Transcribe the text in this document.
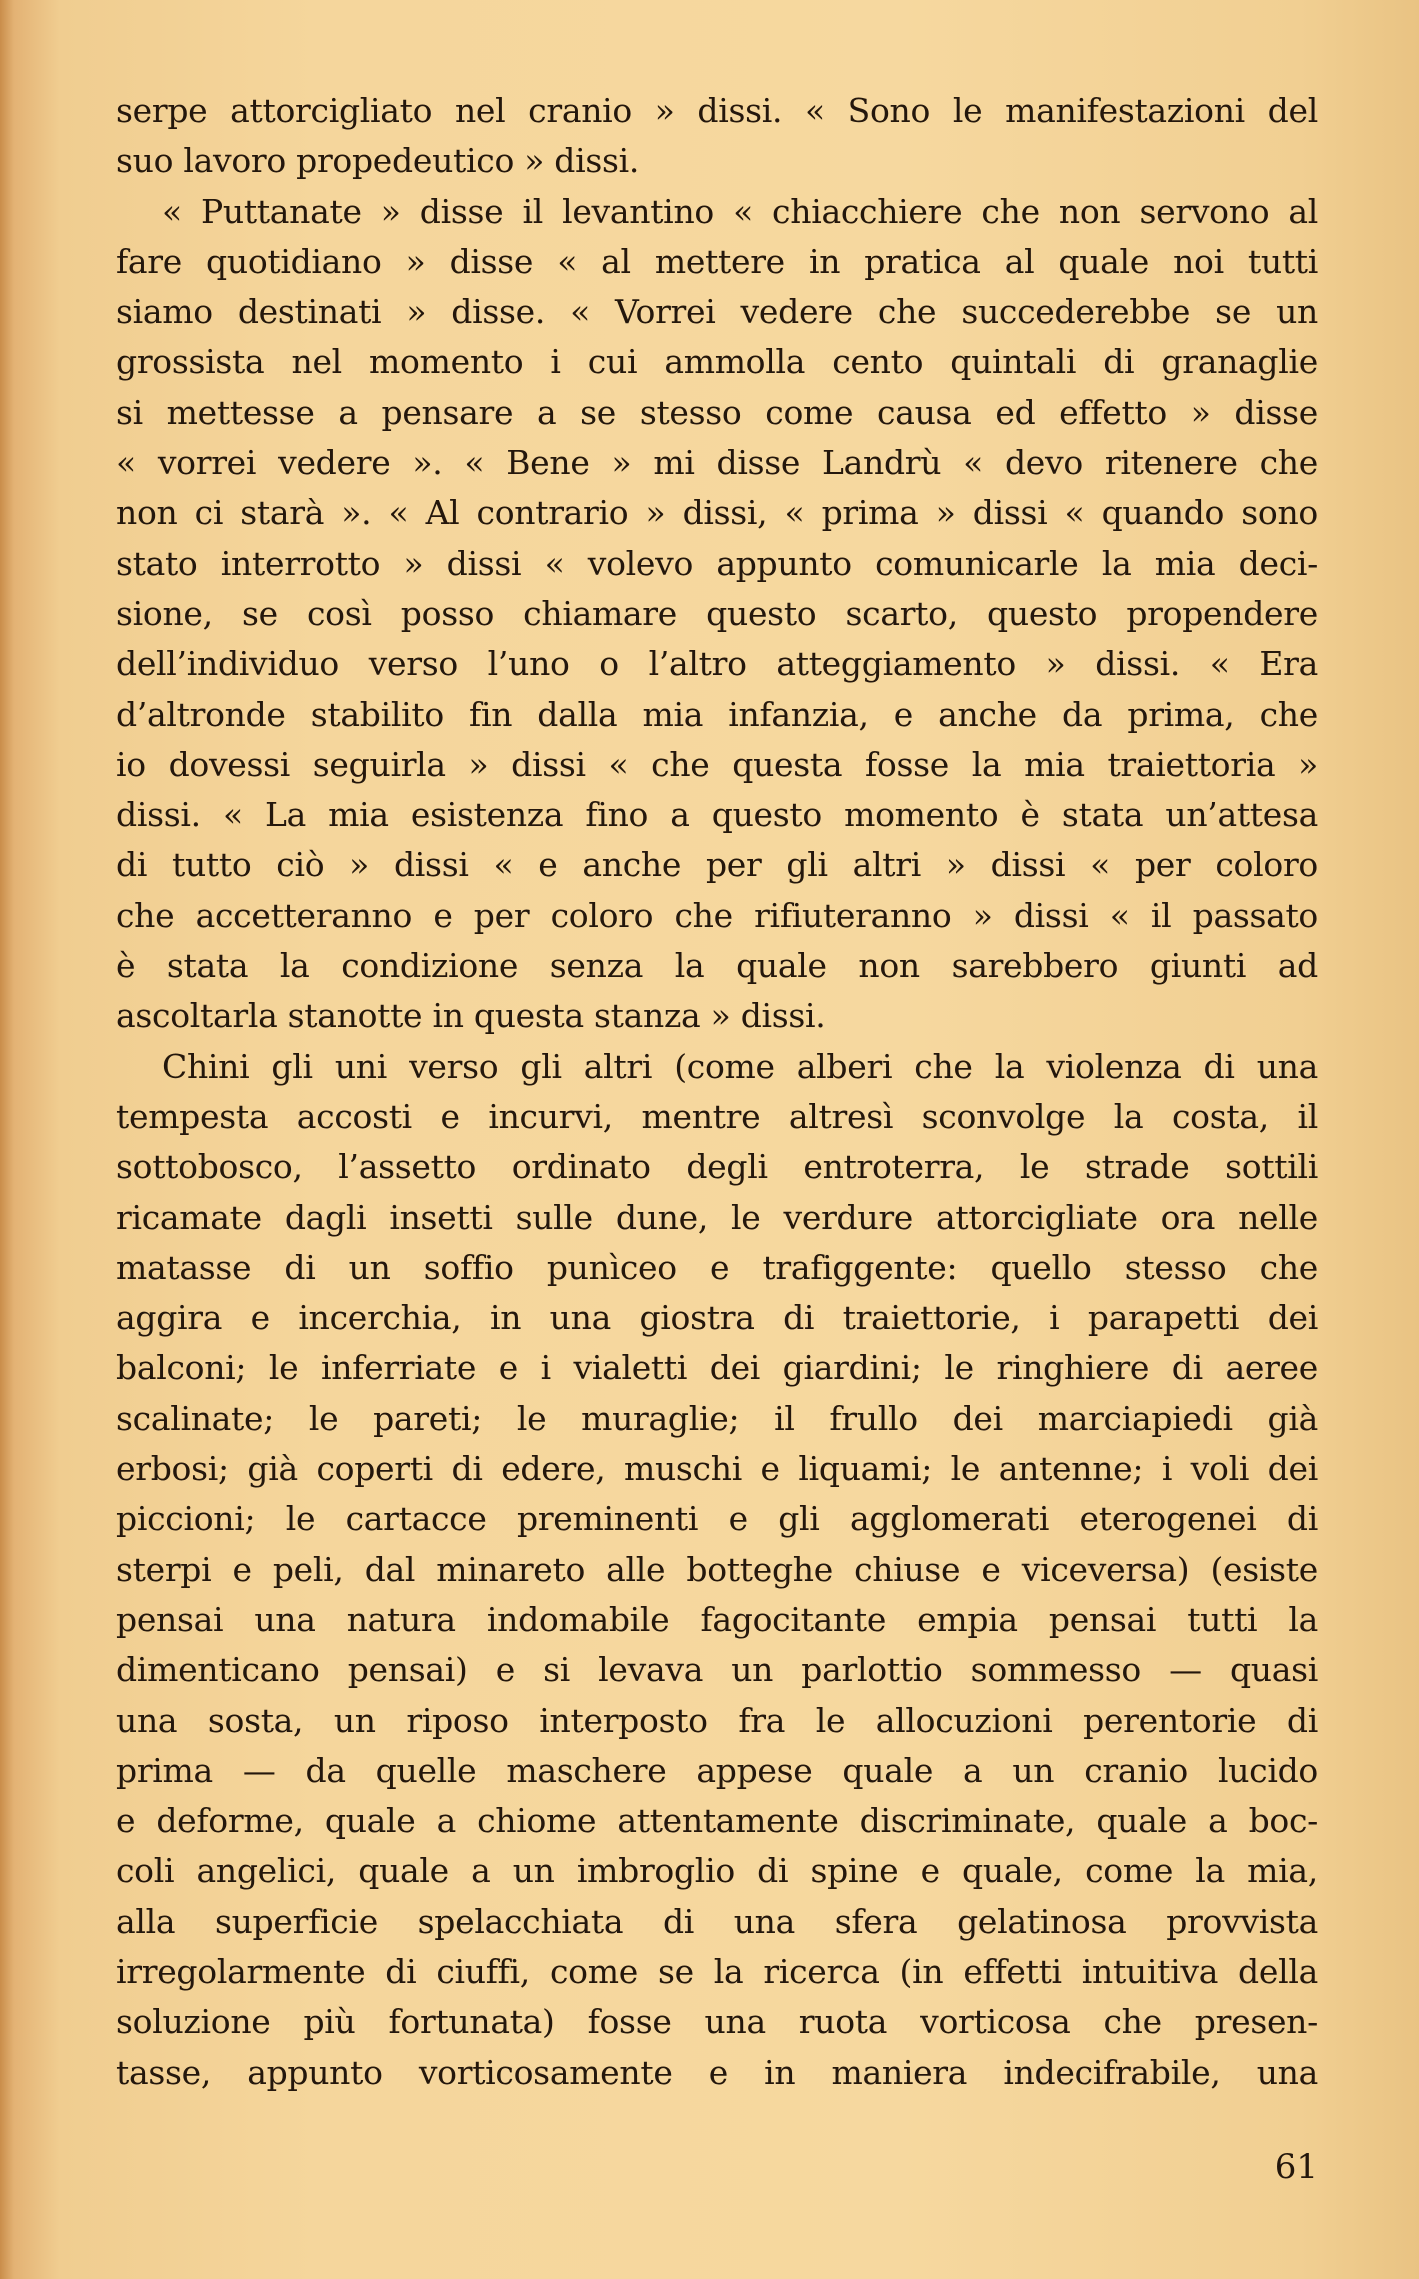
serpe attorcigliato nel cranio » dissi. « Sono le manifestazioni del
suo lavoro propedeutico » dissi.
« Puttanate » disse il levantino « chiacchiere che non servono al
fare quotidiano » disse « al mettere in pratica al quale noi tutti
siamo destinati » disse. « Vorrei vedere che succederebbe se un
grossista nel momento i cui ammolla cento quintali di granaglie
si mettesse a pensare a se stesso come causa ed effetto » disse
« vorrei vedere ». « Bene » mi disse Landrù « devo ritenere che
non ci starà ». « Al contrario » dissi, « prima » dissi « quando sono
stato interrotto » dissi « volevo appunto comunicarle la mia deci-
sione, se così posso chiamare questo scarto, questo propendere
dell’individuo verso l’uno o l’altro atteggiamento » dissi. « Era
d’altronde stabilito fin dalla mia infanzia, e anche da prima, che
io dovessi seguirla » dissi « che questa fosse la mia traiettoria »
dissi. « La mia esistenza fino a questo momento è stata un’attesa
di tutto ciò » dissi « e anche per gli altri » dissi « per coloro
che accetteranno e per coloro che rifiuteranno » dissi « il passato
è stata la condizione senza la quale non sarebbero giunti ad
ascoltarla stanotte in questa stanza » dissi.
Chini gli uni verso gli altri (come alberi che la violenza di una
tempesta accosti e incurvi, mentre altresì sconvolge la costa, il
sottobosco, l’assetto ordinato degli entroterra, le strade sottili
ricamate dagli insetti sulle dune, le verdure attorcigliate ora nelle
matasse di un soffio punìceo e trafiggente: quello stesso che
aggira e incerchia, in una giostra di traiettorie, i parapetti dei
balconi; le inferriate e i vialetti dei giardini; le ringhiere di aeree
scalinate; le pareti; le muraglie; il frullo dei marciapiedi già
erbosi; già coperti di edere, muschi e liquami; le antenne; i voli dei
piccioni; le cartacce preminenti e gli agglomerati eterogenei di
sterpi e peli, dal minareto alle botteghe chiuse e viceversa) (esiste
pensai una natura indomabile fagocitante empia pensai tutti la
dimenticano pensai) e si levava un parlottio sommesso — quasi
una sosta, un riposo interposto fra le allocuzioni perentorie di
prima — da quelle maschere appese quale a un cranio lucido
e deforme, quale a chiome attentamente discriminate, quale a boc-
coli angelici, quale a un imbroglio di spine e quale, come la mia,
alla superficie spelacchiata di una sfera gelatinosa provvista
irregolarmente di ciuffi, come se la ricerca (in effetti intuitiva della
soluzione più fortunata) fosse una ruota vorticosa che presen-
tasse, appunto vorticosamente e in maniera indecifrabile, una
61
